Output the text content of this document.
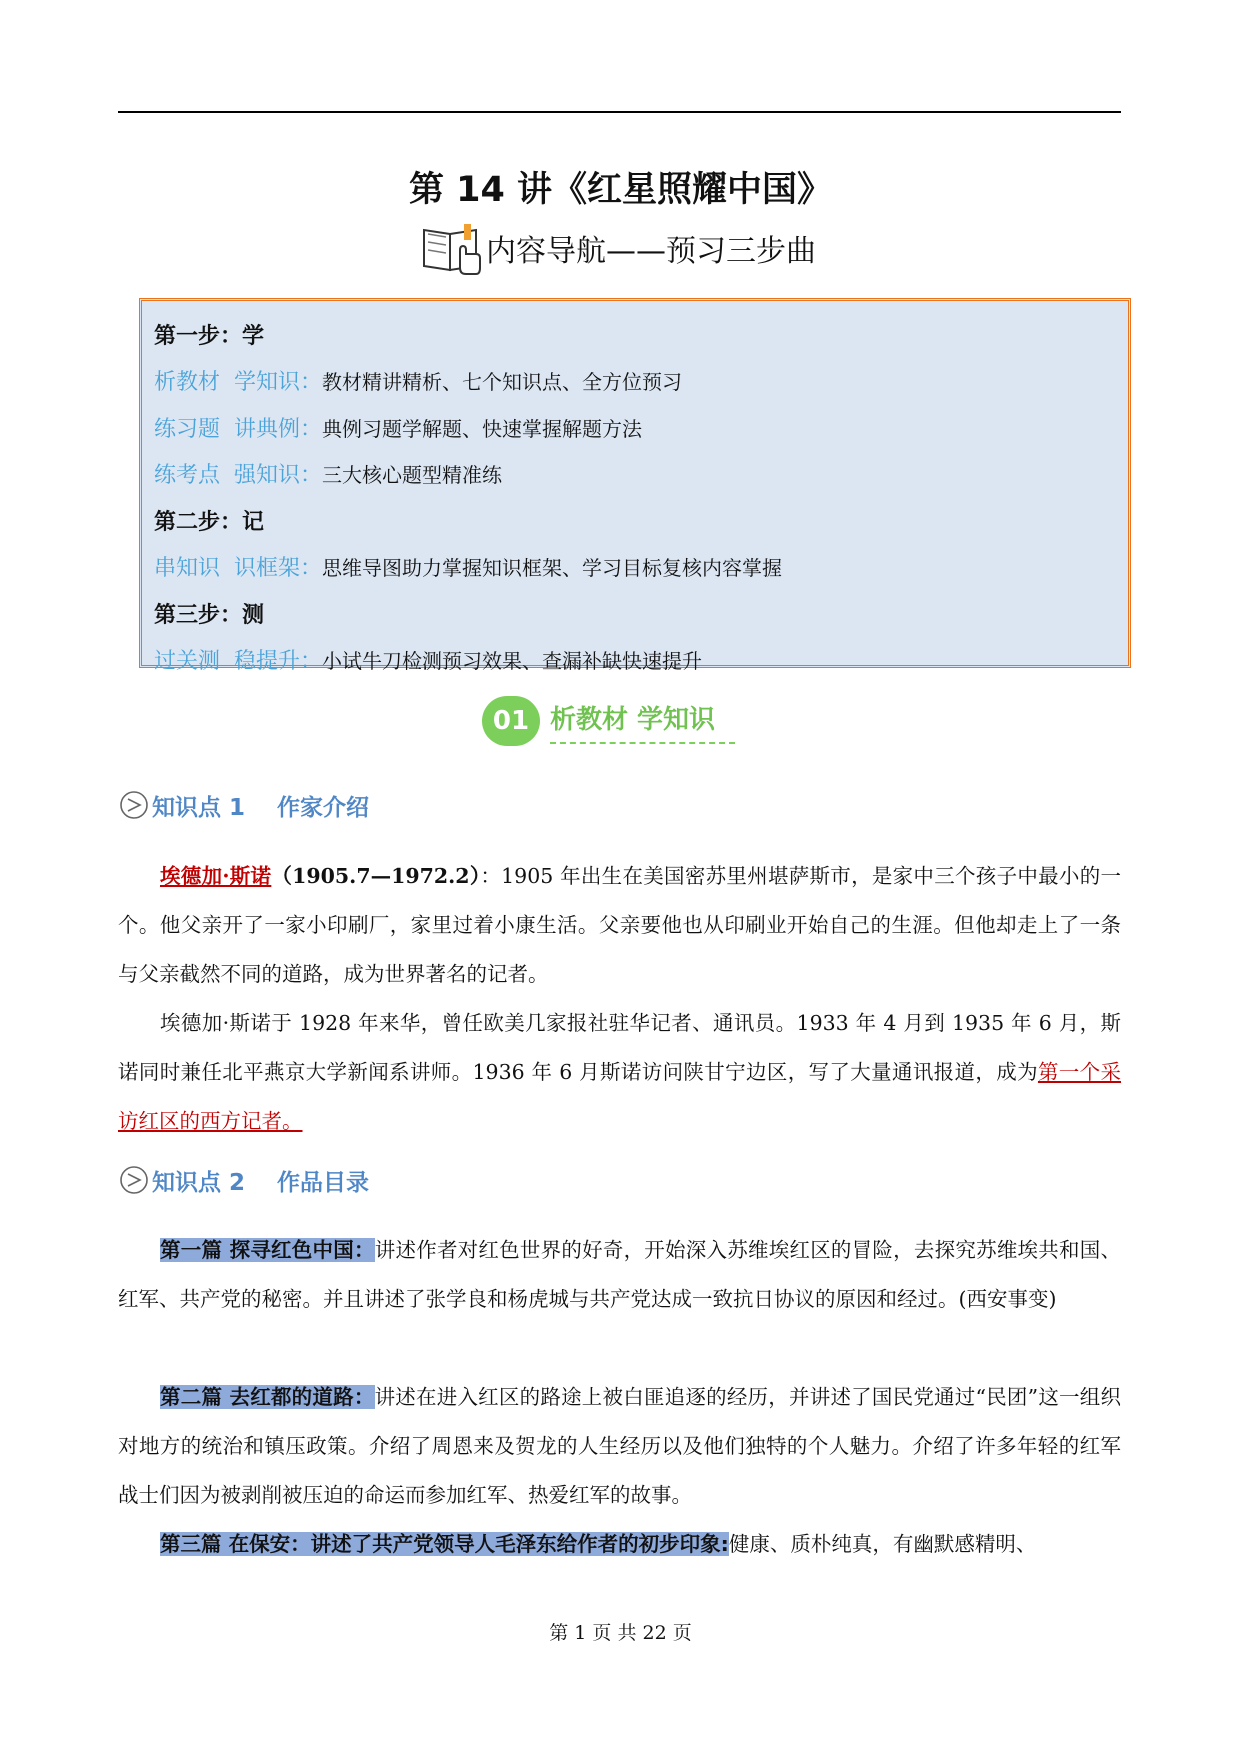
第 14 讲《红星照耀中国》
内容导航——预习三步曲
第一步：学
析教材  学知识： 教材精讲精析、七个知识点、全方位预习
练习题  讲典例： 典例习题学解题、快速掌握解题方法
练考点  强知识： 三大核心题型精准练
第二步：记
串知识  识框架： 思维导图助力掌握知识框架、学习目标复核内容掌握
第三步：测
过关测  稳提升： 小试牛刀检测预习效果、查漏补缺快速提升
01 析教材 学知识
知识点 1    作家介绍
埃德加·斯诺（1905.7—1972.2）：1905 年出生在美国密苏里州堪萨斯市，是家中三个孩子中最小的一个。他父亲开了一家小印刷厂，家里过着小康生活。父亲要他也从印刷业开始自己的生涯。但他却走上了一条与父亲截然不同的道路，成为世界著名的记者。
埃德加·斯诺于 1928 年来华，曾任欧美几家报社驻华记者、通讯员。1933 年 4 月到 1935 年 6 月，斯诺同时兼任北平燕京大学新闻系讲师。1936 年 6 月斯诺访问陕甘宁边区，写了大量通讯报道，成为第一个采访红区的西方记者。
知识点 2    作品目录
第一篇 探寻红色中国：讲述作者对红色世界的好奇，开始深入苏维埃红区的冒险，去探究苏维埃共和国、红军、共产党的秘密。并且讲述了张学良和杨虎城与共产党达成一致抗日协议的原因和经过。(西安事变)
第二篇 去红都的道路：讲述在进入红区的路途上被白匪追逐的经历，并讲述了国民党通过“民团”这一组织对地方的统治和镇压政策。介绍了周恩来及贺龙的人生经历以及他们独特的个人魅力。介绍了许多年轻的红军战士们因为被剥削被压迫的命运而参加红军、热爱红军的故事。
第三篇 在保安：讲述了共产党领导人毛泽东给作者的初步印象:健康、质朴纯真，有幽默感精明、
第 1 页 共 22 页
